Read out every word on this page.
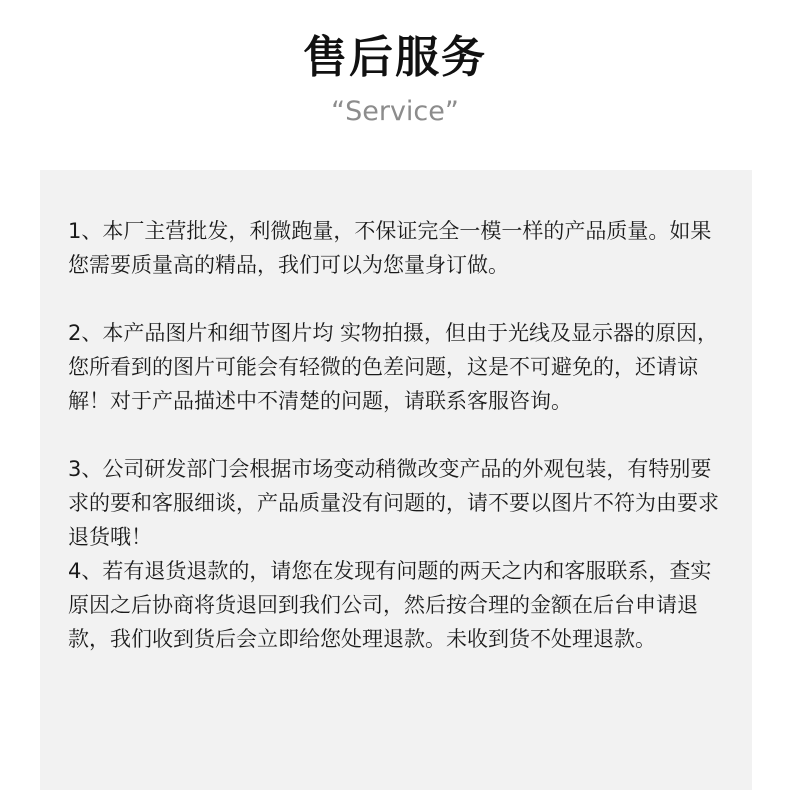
售后服务
“Service”

1、本厂主营批发，利微跑量，不保证完全一模一样的产品质量。如果您需要质量高的精品，我们可以为您量身订做。

2、本产品图片和细节图片均 实物拍摄，但由于光线及显示器的原因，您所看到的图片可能会有轻微的色差问题，这是不可避免的，还请谅解！对于产品描述中不清楚的问题，请联系客服咨询。

3、公司研发部门会根据市场变动稍微改变产品的外观包装，有特别要求的要和客服细谈，产品质量没有问题的，请不要以图片不符为由要求退货哦！

4、若有退货退款的，请您在发现有问题的两天之内和客服联系，查实原因之后协商将货退回到我们公司，然后按合理的金额在后台申请退款，我们收到货后会立即给您处理退款。未收到货不处理退款。
